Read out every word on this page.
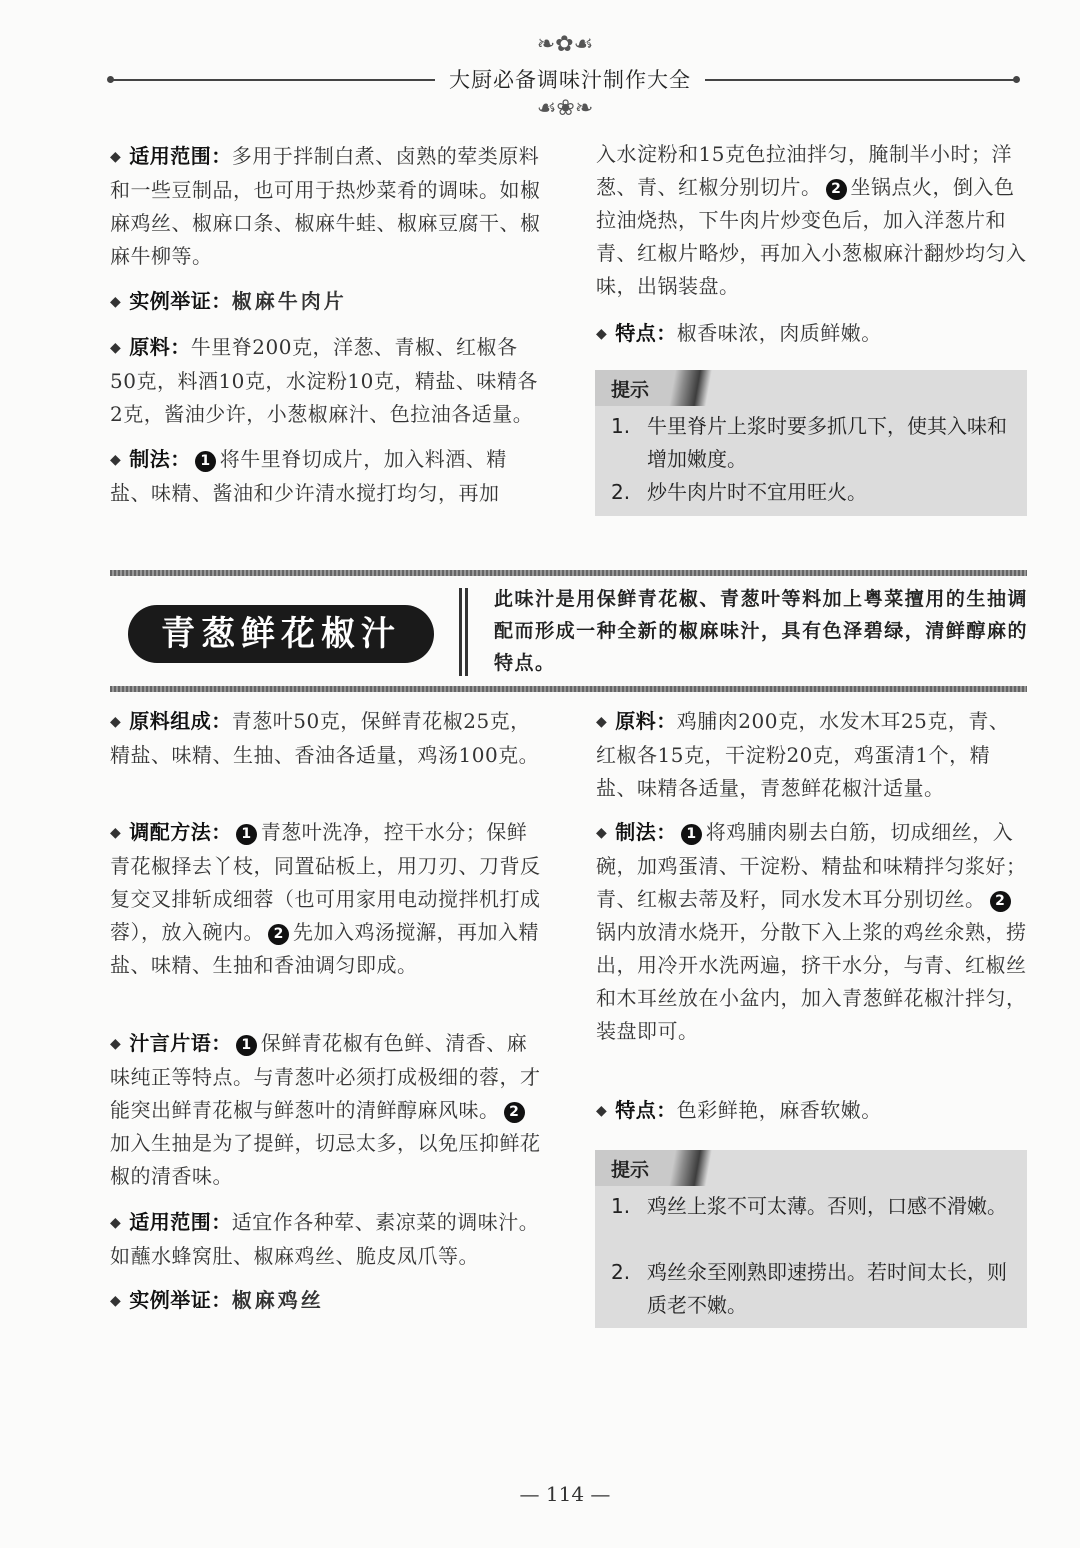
❧✿☙
大厨必备调味汁制作大全
☙❀❧
◆ 适用范围：多用于拌制白煮、卤熟的荤类原料和一些豆制品，也可用于热炒菜肴的调味。如椒麻鸡丝、椒麻口条、椒麻牛蛙、椒麻豆腐干、椒麻牛柳等。
◆ 实例举证：椒麻牛肉片
◆ 原料：牛里脊200克，洋葱、青椒、红椒各50克，料酒10克，水淀粉10克，精盐、味精各2克，酱油少许，小葱椒麻汁、色拉油各适量。
◆ 制法： 1 将牛里脊切成片，加入料酒、精盐、味精、酱油和少许清水搅打均匀，再加
入水淀粉和15克色拉油拌匀，腌制半小时；洋葱、青、红椒分别切片。 2 坐锅点火，倒入色拉油烧热，下牛肉片炒变色后，加入洋葱片和青、红椒片略炒，再加入小葱椒麻汁翻炒均匀入味，出锅装盘。
◆ 特点：椒香味浓，肉质鲜嫩。
提示
1. 牛里脊片上浆时要多抓几下，使其入味和增加嫩度。
2. 炒牛肉片时不宜用旺火。
青葱鲜花椒汁
此味汁是用保鲜青花椒、青葱叶等料加上粤菜擅用的生抽调配而形成一种全新的椒麻味汁，具有色泽碧绿，清鲜醇麻的特点。
◆ 原料组成：青葱叶50克，保鲜青花椒25克，精盐、味精、生抽、香油各适量，鸡汤100克。
◆ 调配方法： 1 青葱叶洗净，控干水分；保鲜青花椒择去丫枝，同置砧板上，用刀刃、刀背反复交叉排斩成细蓉（也可用家用电动搅拌机打成蓉），放入碗内。 2 先加入鸡汤搅澥，再加入精盐、味精、生抽和香油调匀即成。
◆ 汁言片语： 1 保鲜青花椒有色鲜、清香、麻味纯正等特点。与青葱叶必须打成极细的蓉，才能突出鲜青花椒与鲜葱叶的清鲜醇麻风味。 2加入生抽是为了提鲜，切忌太多，以免压抑鲜花椒的清香味。
◆ 适用范围：适宜作各种荤、素凉菜的调味汁。如蘸水蜂窝肚、椒麻鸡丝、脆皮凤爪等。
◆ 实例举证：椒麻鸡丝
◆ 原料：鸡脯肉200克，水发木耳25克，青、红椒各15克，干淀粉20克，鸡蛋清1个，精盐、味精各适量，青葱鲜花椒汁适量。
◆ 制法： 1 将鸡脯肉剔去白筋，切成细丝，入碗，加鸡蛋清、干淀粉、精盐和味精拌匀浆好；青、红椒去蒂及籽，同水发木耳分别切丝。 2锅内放清水烧开，分散下入上浆的鸡丝氽熟，捞出，用冷开水洗两遍，挤干水分，与青、红椒丝和木耳丝放在小盆内，加入青葱鲜花椒汁拌匀，装盘即可。
◆ 特点：色彩鲜艳，麻香软嫩。
提示
1. 鸡丝上浆不可太薄。否则，口感不滑嫩。
2. 鸡丝氽至刚熟即速捞出。若时间太长，则质老不嫩。
— 114 —
